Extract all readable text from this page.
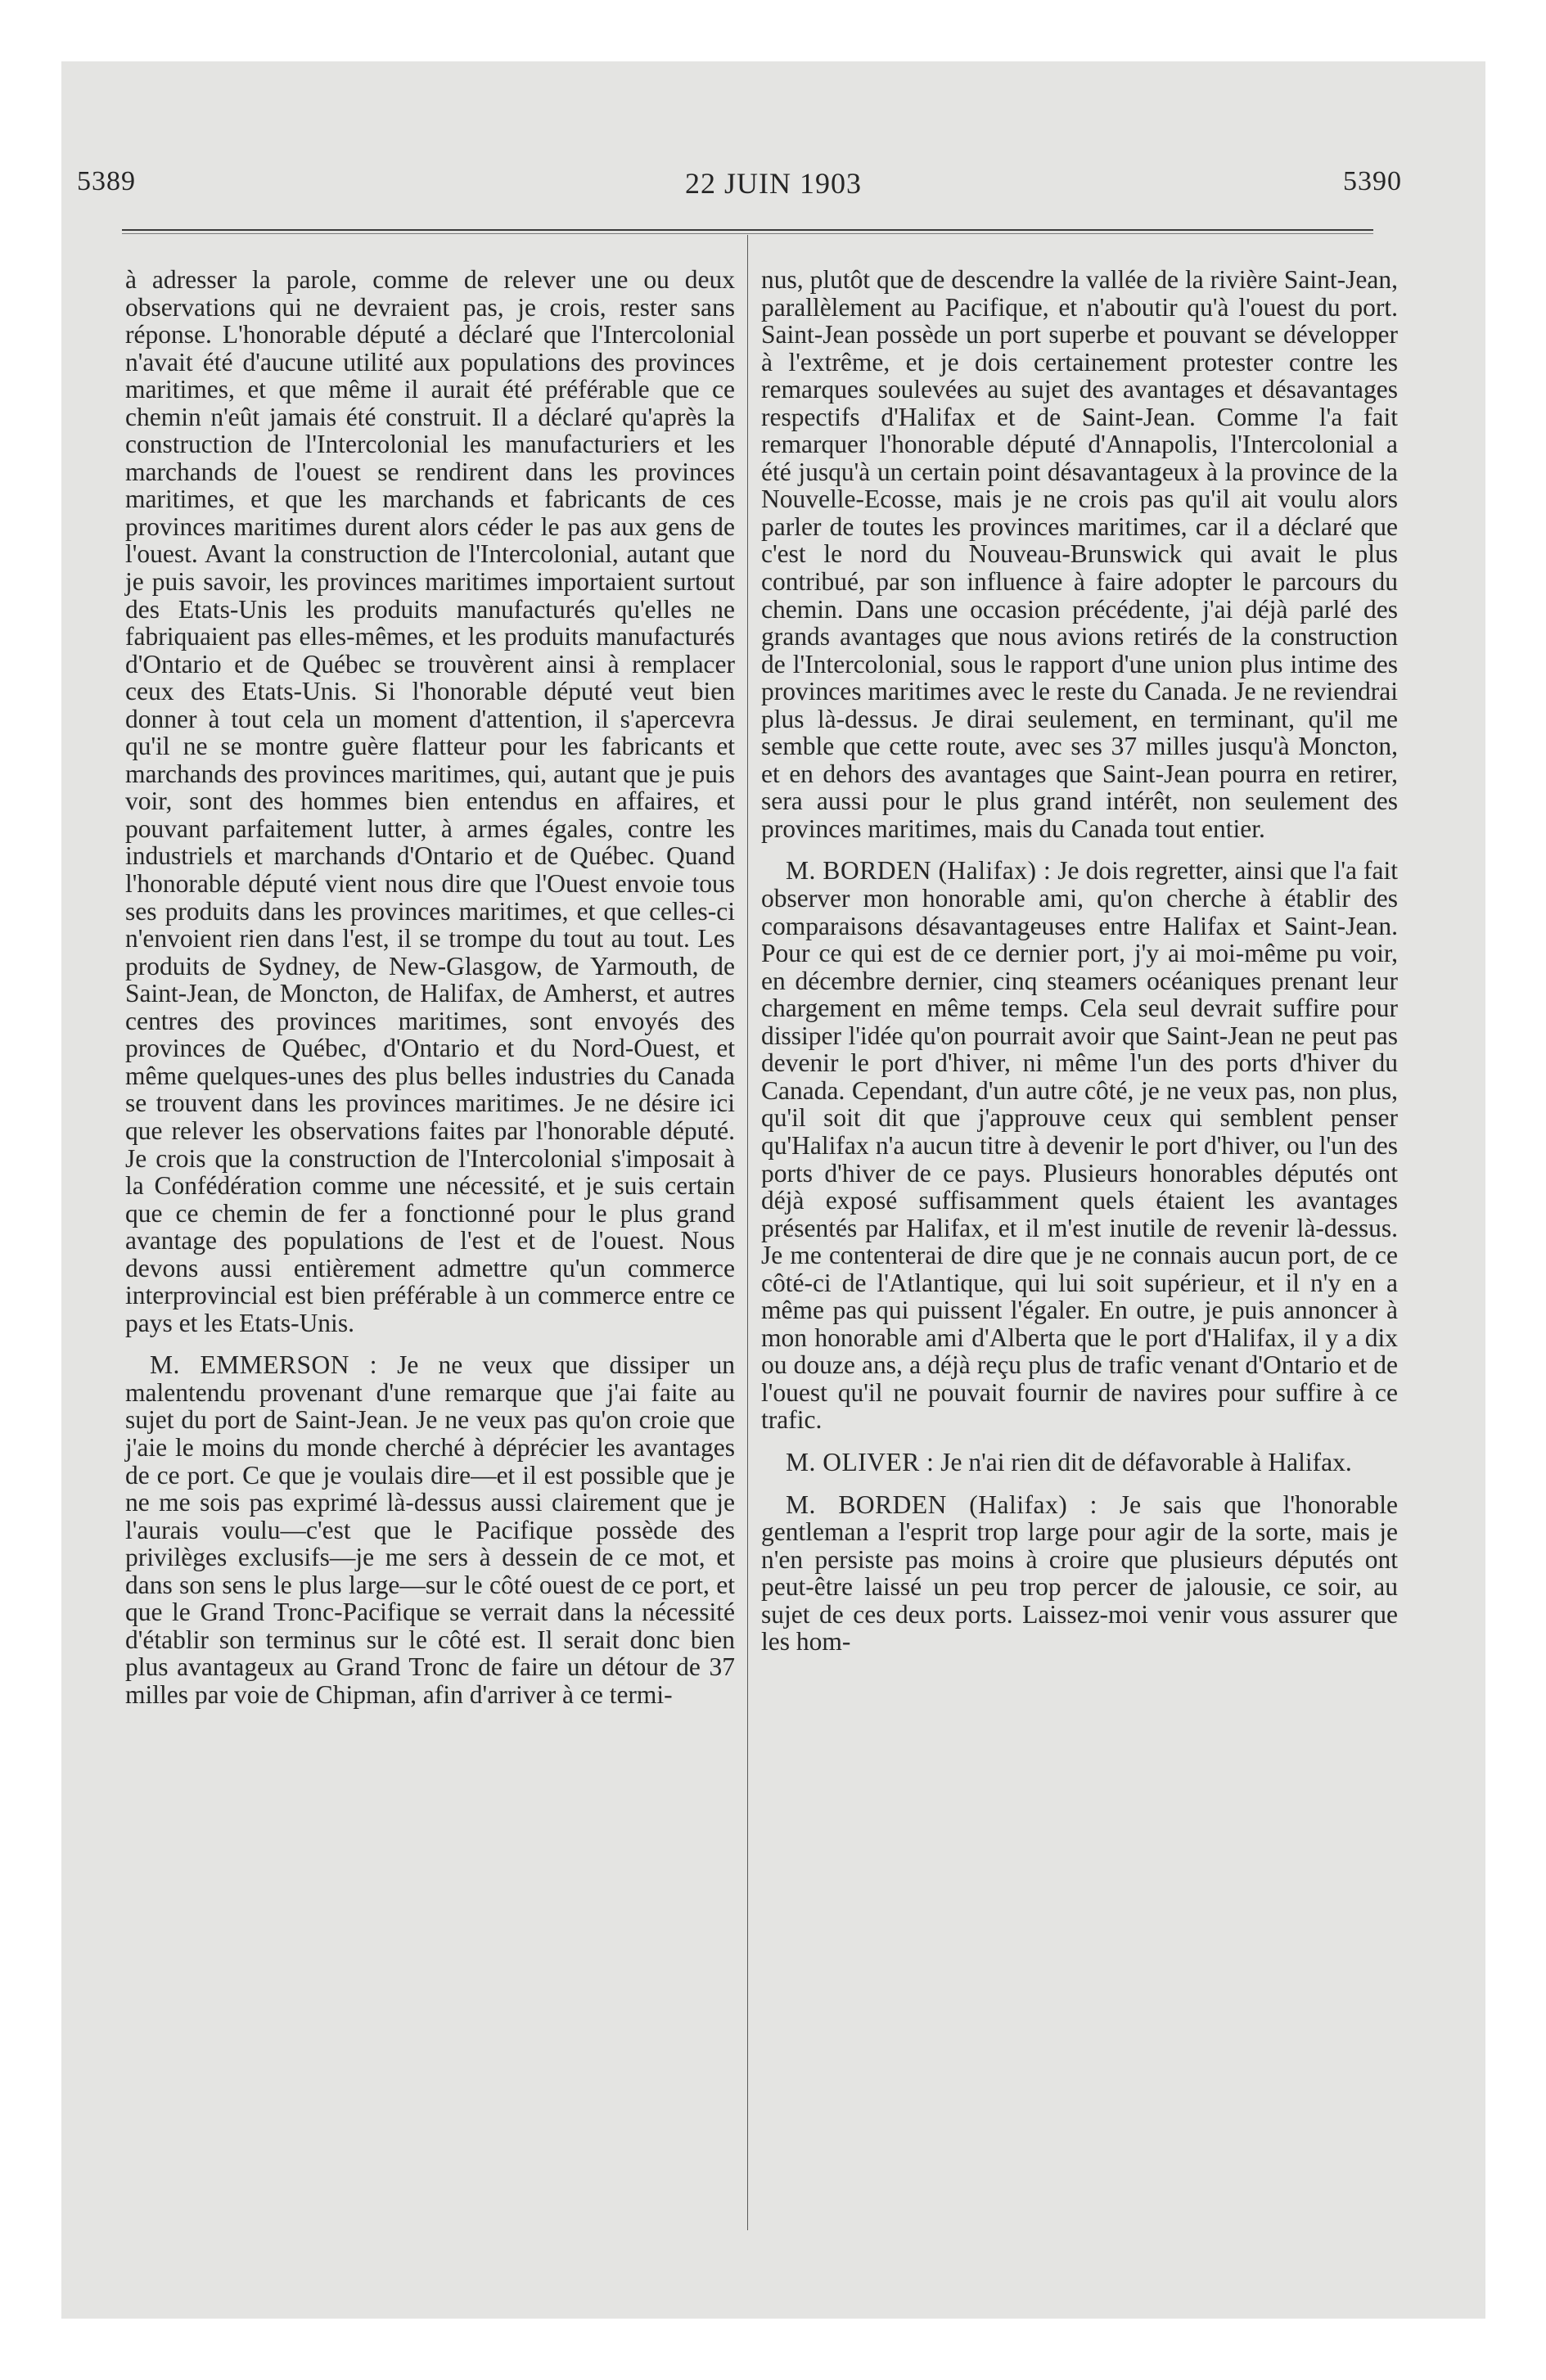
5389	22 JUIN 1903	5390

à adresser la parole, comme de relever une ou deux observations qui ne devraient pas, je crois, rester sans réponse. L'honorable député a déclaré que l'Intercolonial n'avait été d'aucune utilité aux populations des provinces maritimes, et que même il aurait été préférable que ce chemin n'eût jamais été construit. Il a déclaré qu'après la construction de l'Intercolonial les manufacturiers et les marchands de l'ouest se rendirent dans les provinces maritimes, et que les marchands et fabricants de ces provinces maritimes durent alors céder le pas aux gens de l'ouest. Avant la construction de l'Intercolonial, autant que je puis savoir, les provinces maritimes importaient surtout des Etats-Unis les produits manufacturés qu'elles ne fabriquaient pas elles-mêmes, et les produits manufacturés d'Ontario et de Québec se trouvèrent ainsi à remplacer ceux des Etats-Unis. Si l'honorable député veut bien donner à tout cela un moment d'attention, il s'apercevra qu'il ne se montre guère flatteur pour les fabricants et marchands des provinces maritimes, qui, autant que je puis voir, sont des hommes bien entendus en affaires, et pouvant parfaitement lutter, à armes égales, contre les industriels et marchands d'Ontario et de Québec. Quand l'honorable député vient nous dire que l'Ouest envoie tous ses produits dans les provinces maritimes, et que celles-ci n'envoient rien dans l'est, il se trompe du tout au tout. Les produits de Sydney, de New-Glasgow, de Yarmouth, de Saint-Jean, de Moncton, de Halifax, de Amherst, et autres centres des provinces maritimes, sont envoyés des provinces de Québec, d'Ontario et du Nord-Ouest, et même quelques-unes des plus belles industries du Canada se trouvent dans les provinces maritimes. Je ne désire ici que relever les observations faites par l'honorable député. Je crois que la construction de l'Intercolonial s'imposait à la Confédération comme une nécessité, et je suis certain que ce chemin de fer a fonctionné pour le plus grand avantage des populations de l'est et de l'ouest. Nous devons aussi entièrement admettre qu'un commerce interprovincial est bien préférable à un commerce entre ce pays et les Etats-Unis.

M. EMMERSON : Je ne veux que dissiper un malentendu provenant d'une remarque que j'ai faite au sujet du port de Saint-Jean. Je ne veux pas qu'on croie que j'aie le moins du monde cherché à déprécier les avantages de ce port. Ce que je voulais dire—et il est possible que je ne me sois pas exprimé là-dessus aussi clairement que je l'aurais voulu—c'est que le Pacifique possède des privilèges exclusifs—je me sers à dessein de ce mot, et dans son sens le plus large—sur le côté ouest de ce port, et que le Grand Tronc-Pacifique se verrait dans la nécessité d'établir son terminus sur le côté est. Il serait donc bien plus avantageux au Grand Tronc de faire un détour de 37 milles par voie de Chipman, afin d'arriver à ce termi-

nus, plutôt que de descendre la vallée de la rivière Saint-Jean, parallèlement au Pacifique, et n'aboutir qu'à l'ouest du port. Saint-Jean possède un port superbe et pouvant se développer à l'extrême, et je dois certainement protester contre les remarques soulevées au sujet des avantages et désavantages respectifs d'Halifax et de Saint-Jean. Comme l'a fait remarquer l'honorable député d'Annapolis, l'Intercolonial a été jusqu'à un certain point désavantageux à la province de la Nouvelle-Ecosse, mais je ne crois pas qu'il ait voulu alors parler de toutes les provinces maritimes, car il a déclaré que c'est le nord du Nouveau-Brunswick qui avait le plus contribué, par son influence à faire adopter le parcours du chemin. Dans une occasion précédente, j'ai déjà parlé des grands avantages que nous avions retirés de la construction de l'Intercolonial, sous le rapport d'une union plus intime des provinces maritimes avec le reste du Canada. Je ne reviendrai plus là-dessus. Je dirai seulement, en terminant, qu'il me semble que cette route, avec ses 37 milles jusqu'à Moncton, et en dehors des avantages que Saint-Jean pourra en retirer, sera aussi pour le plus grand intérêt, non seulement des provinces maritimes, mais du Canada tout entier.

M. BORDEN (Halifax) : Je dois regretter, ainsi que l'a fait observer mon honorable ami, qu'on cherche à établir des comparaisons désavantageuses entre Halifax et Saint-Jean. Pour ce qui est de ce dernier port, j'y ai moi-même pu voir, en décembre dernier, cinq steamers océaniques prenant leur chargement en même temps. Cela seul devrait suffire pour dissiper l'idée qu'on pourrait avoir que Saint-Jean ne peut pas devenir le port d'hiver, ni même l'un des ports d'hiver du Canada. Cependant, d'un autre côté, je ne veux pas, non plus, qu'il soit dit que j'approuve ceux qui semblent penser qu'Halifax n'a aucun titre à devenir le port d'hiver, ou l'un des ports d'hiver de ce pays. Plusieurs honorables députés ont déjà exposé suffisamment quels étaient les avantages présentés par Halifax, et il m'est inutile de revenir là-dessus. Je me contenterai de dire que je ne connais aucun port, de ce côté-ci de l'Atlantique, qui lui soit supérieur, et il n'y en a même pas qui puissent l'égaler. En outre, je puis annoncer à mon honorable ami d'Alberta que le port d'Halifax, il y a dix ou douze ans, a déjà reçu plus de trafic venant d'Ontario et de l'ouest qu'il ne pouvait fournir de navires pour suffire à ce trafic.

M. OLIVER : Je n'ai rien dit de défavorable à Halifax.

M. BORDEN (Halifax) : Je sais que l'honorable gentleman a l'esprit trop large pour agir de la sorte, mais je n'en persiste pas moins à croire que plusieurs députés ont peut-être laissé un peu trop percer de jalousie, ce soir, au sujet de ces deux ports. Laissez-moi venir vous assurer que les hom-
